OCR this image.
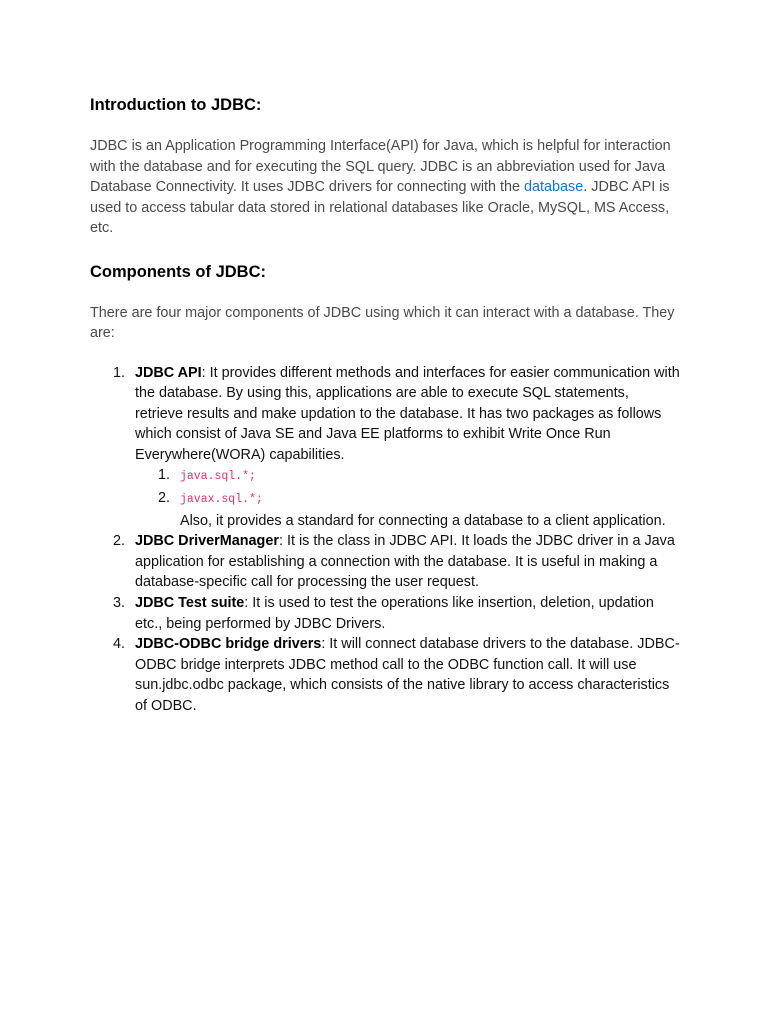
Introduction to JDBC:

JDBC is an Application Programming Interface(API) for Java, which is helpful for interaction with the database and for executing the SQL query. JDBC is an abbreviation used for Java Database Connectivity. It uses JDBC drivers for connecting with the database. JDBC API is used to access tabular data stored in relational databases like Oracle, MySQL, MS Access, etc.

Components of JDBC:

There are four major components of JDBC using which it can interact with a database. They are:

JDBC API: It provides different methods and interfaces for easier communication with the database. By using this, applications are able to execute SQL statements, retrieve results and make updation to the database. It has two packages as follows which consist of Java SE and Java EE platforms to exhibit Write Once Run Everywhere(WORA) capabilities.
java.sql.*;
javax.sql.*;
Also, it provides a standard for connecting a database to a client application.
JDBC DriverManager: It is the class in JDBC API. It loads the JDBC driver in a Java application for establishing a connection with the database. It is useful in making a database-specific call for processing the user request.
JDBC Test suite: It is used to test the operations like insertion, deletion, updation etc., being performed by JDBC Drivers.
JDBC-ODBC bridge drivers: It will connect database drivers to the database. JDBC-ODBC bridge interprets JDBC method call to the ODBC function call. It will use sun.jdbc.odbc package, which consists of the native library to access characteristics of ODBC.
